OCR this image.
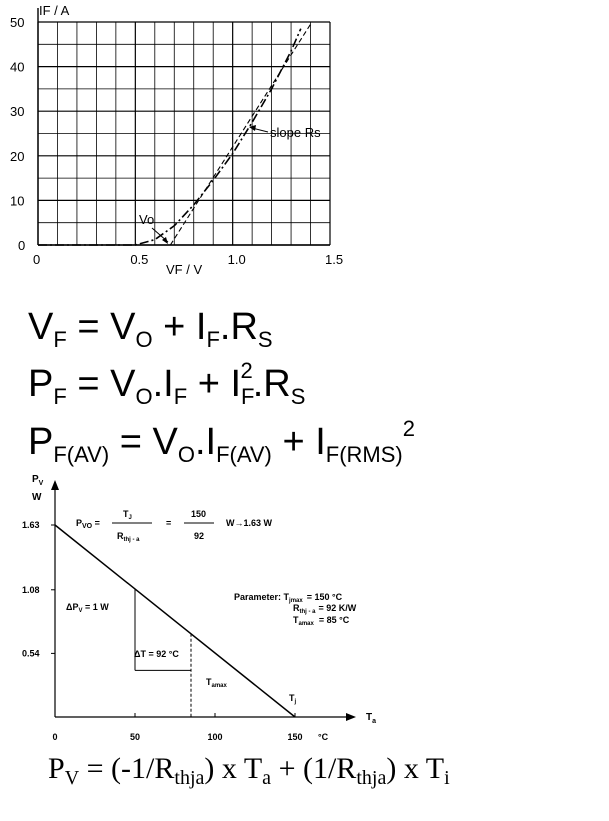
IF / A
VF / V
Vo
slope Rs
0	0.5	1.0	1.5
0
10
20
30
40
50
$V_F = V_O + I_F.R_S$
$P_F = V_O.I_F + I_F^2.R_S$
$P_{F(AV)} = V_O.I_{F(AV)} + I_{F(RMS)}^2$
1.63
1.08
0.54
0	50	100	150
$P_V$
W
$T_a$
°C
$P_{VO}$ =
$T_J$
$R_{thj - a}$
=
150
92
W→1.63 W
Parameter: $T_{jmax} = 150$ °C
$R_{thj - a} = 92$ K/W
$T_{amax} = 85$ °C
$\Delta P_V = 1$ W
ΔT = 92 °C
$T_{amax}$
$T_j$
$P_V = (-1/R_{thja})$ x $T_a + (1/R_{thja})$ x $T_i$
